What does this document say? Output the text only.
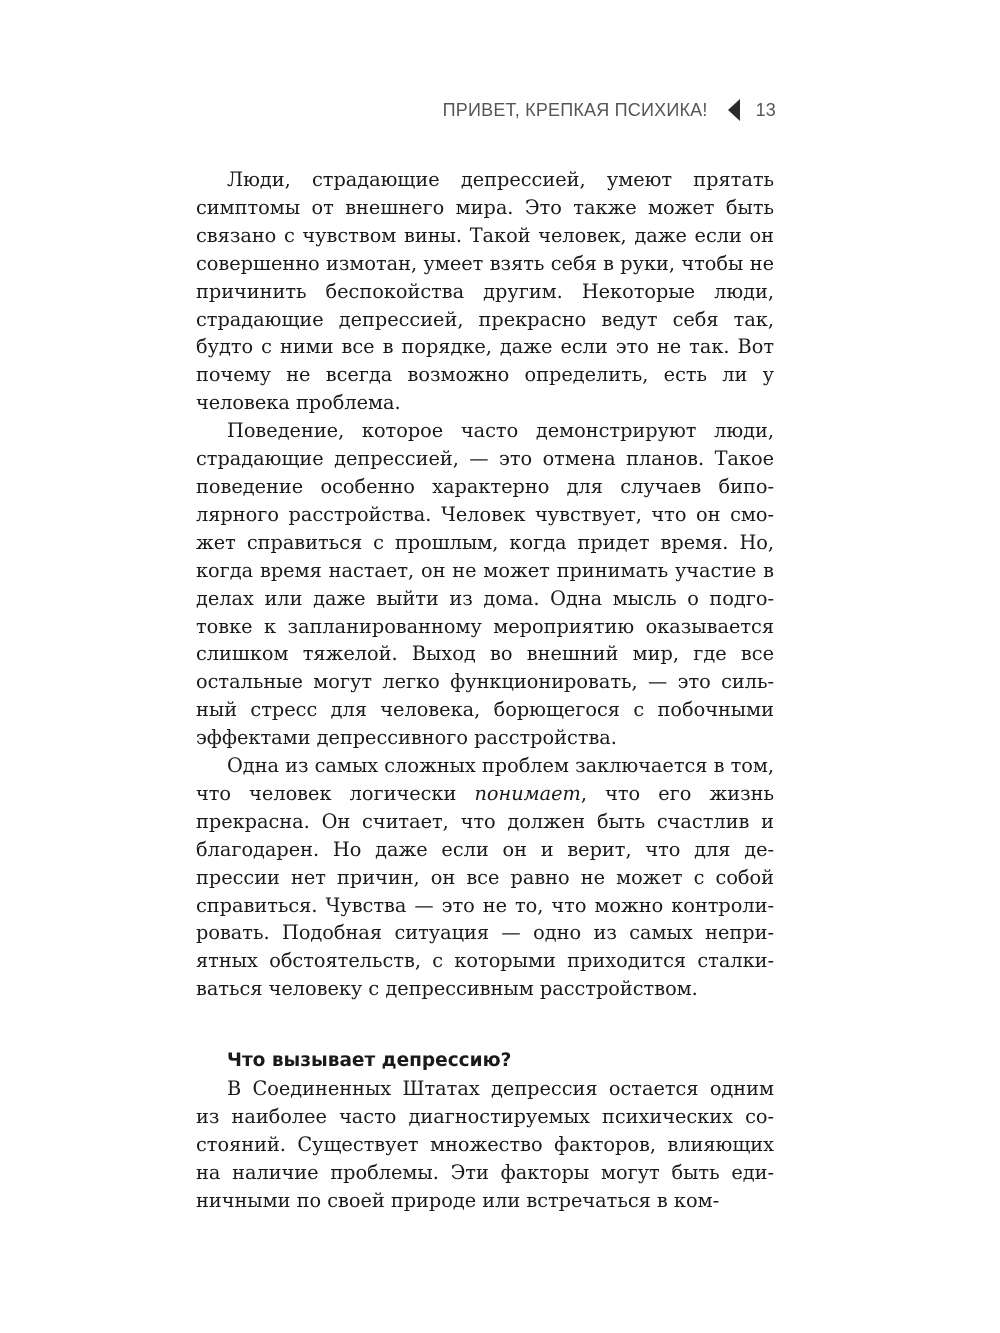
ПРИВЕТ, КРЕПКАЯ ПСИХИКА!	13

Люди, страдающие депрессией, умеют прятать симптомы от внешнего мира. Это также может быть связано с чувством вины. Такой человек, даже если он совершенно измотан, умеет взять себя в руки, чтобы не причинить беспокойства другим. Некоторые люди, страдающие депрессией, прекрасно ведут себя так, будто с ними все в порядке, даже если это не так. Вот почему не всегда возможно определить, есть ли у человека проблема.

Поведение, которое часто демонстрируют люди, страдающие депрессией, — это отмена планов. Такое поведение особенно характерно для случаев биполярного расстройства. Человек чувствует, что он сможет справиться с прошлым, когда придет время. Но, когда время настает, он не может принимать участие в делах или даже выйти из дома. Одна мысль о подготовке к запланированному мероприятию оказывается слишком тяжелой. Выход во внешний мир, где все остальные могут легко функционировать, — это сильный стресс для человека, борющегося с побочными эффектами депрессивного расстройства.

Одна из самых сложных проблем заключается в том, что человек логически понимает, что его жизнь прекрасна. Он считает, что должен быть счастлив и благодарен. Но даже если он и верит, что для депрессии нет причин, он все равно не может с собой справиться. Чувства — это не то, что можно контролировать. Подобная ситуация — одно из самых неприятных обстоятельств, с которыми приходится сталкиваться человеку с депрессивным расстройством.

Что вызывает депрессию?

В Соединенных Штатах депрессия остается одним из наиболее часто диагностируемых психических состояний. Существует множество факторов, влияющих на наличие проблемы. Эти факторы могут быть единичными по своей природе или встречаться в ком-
